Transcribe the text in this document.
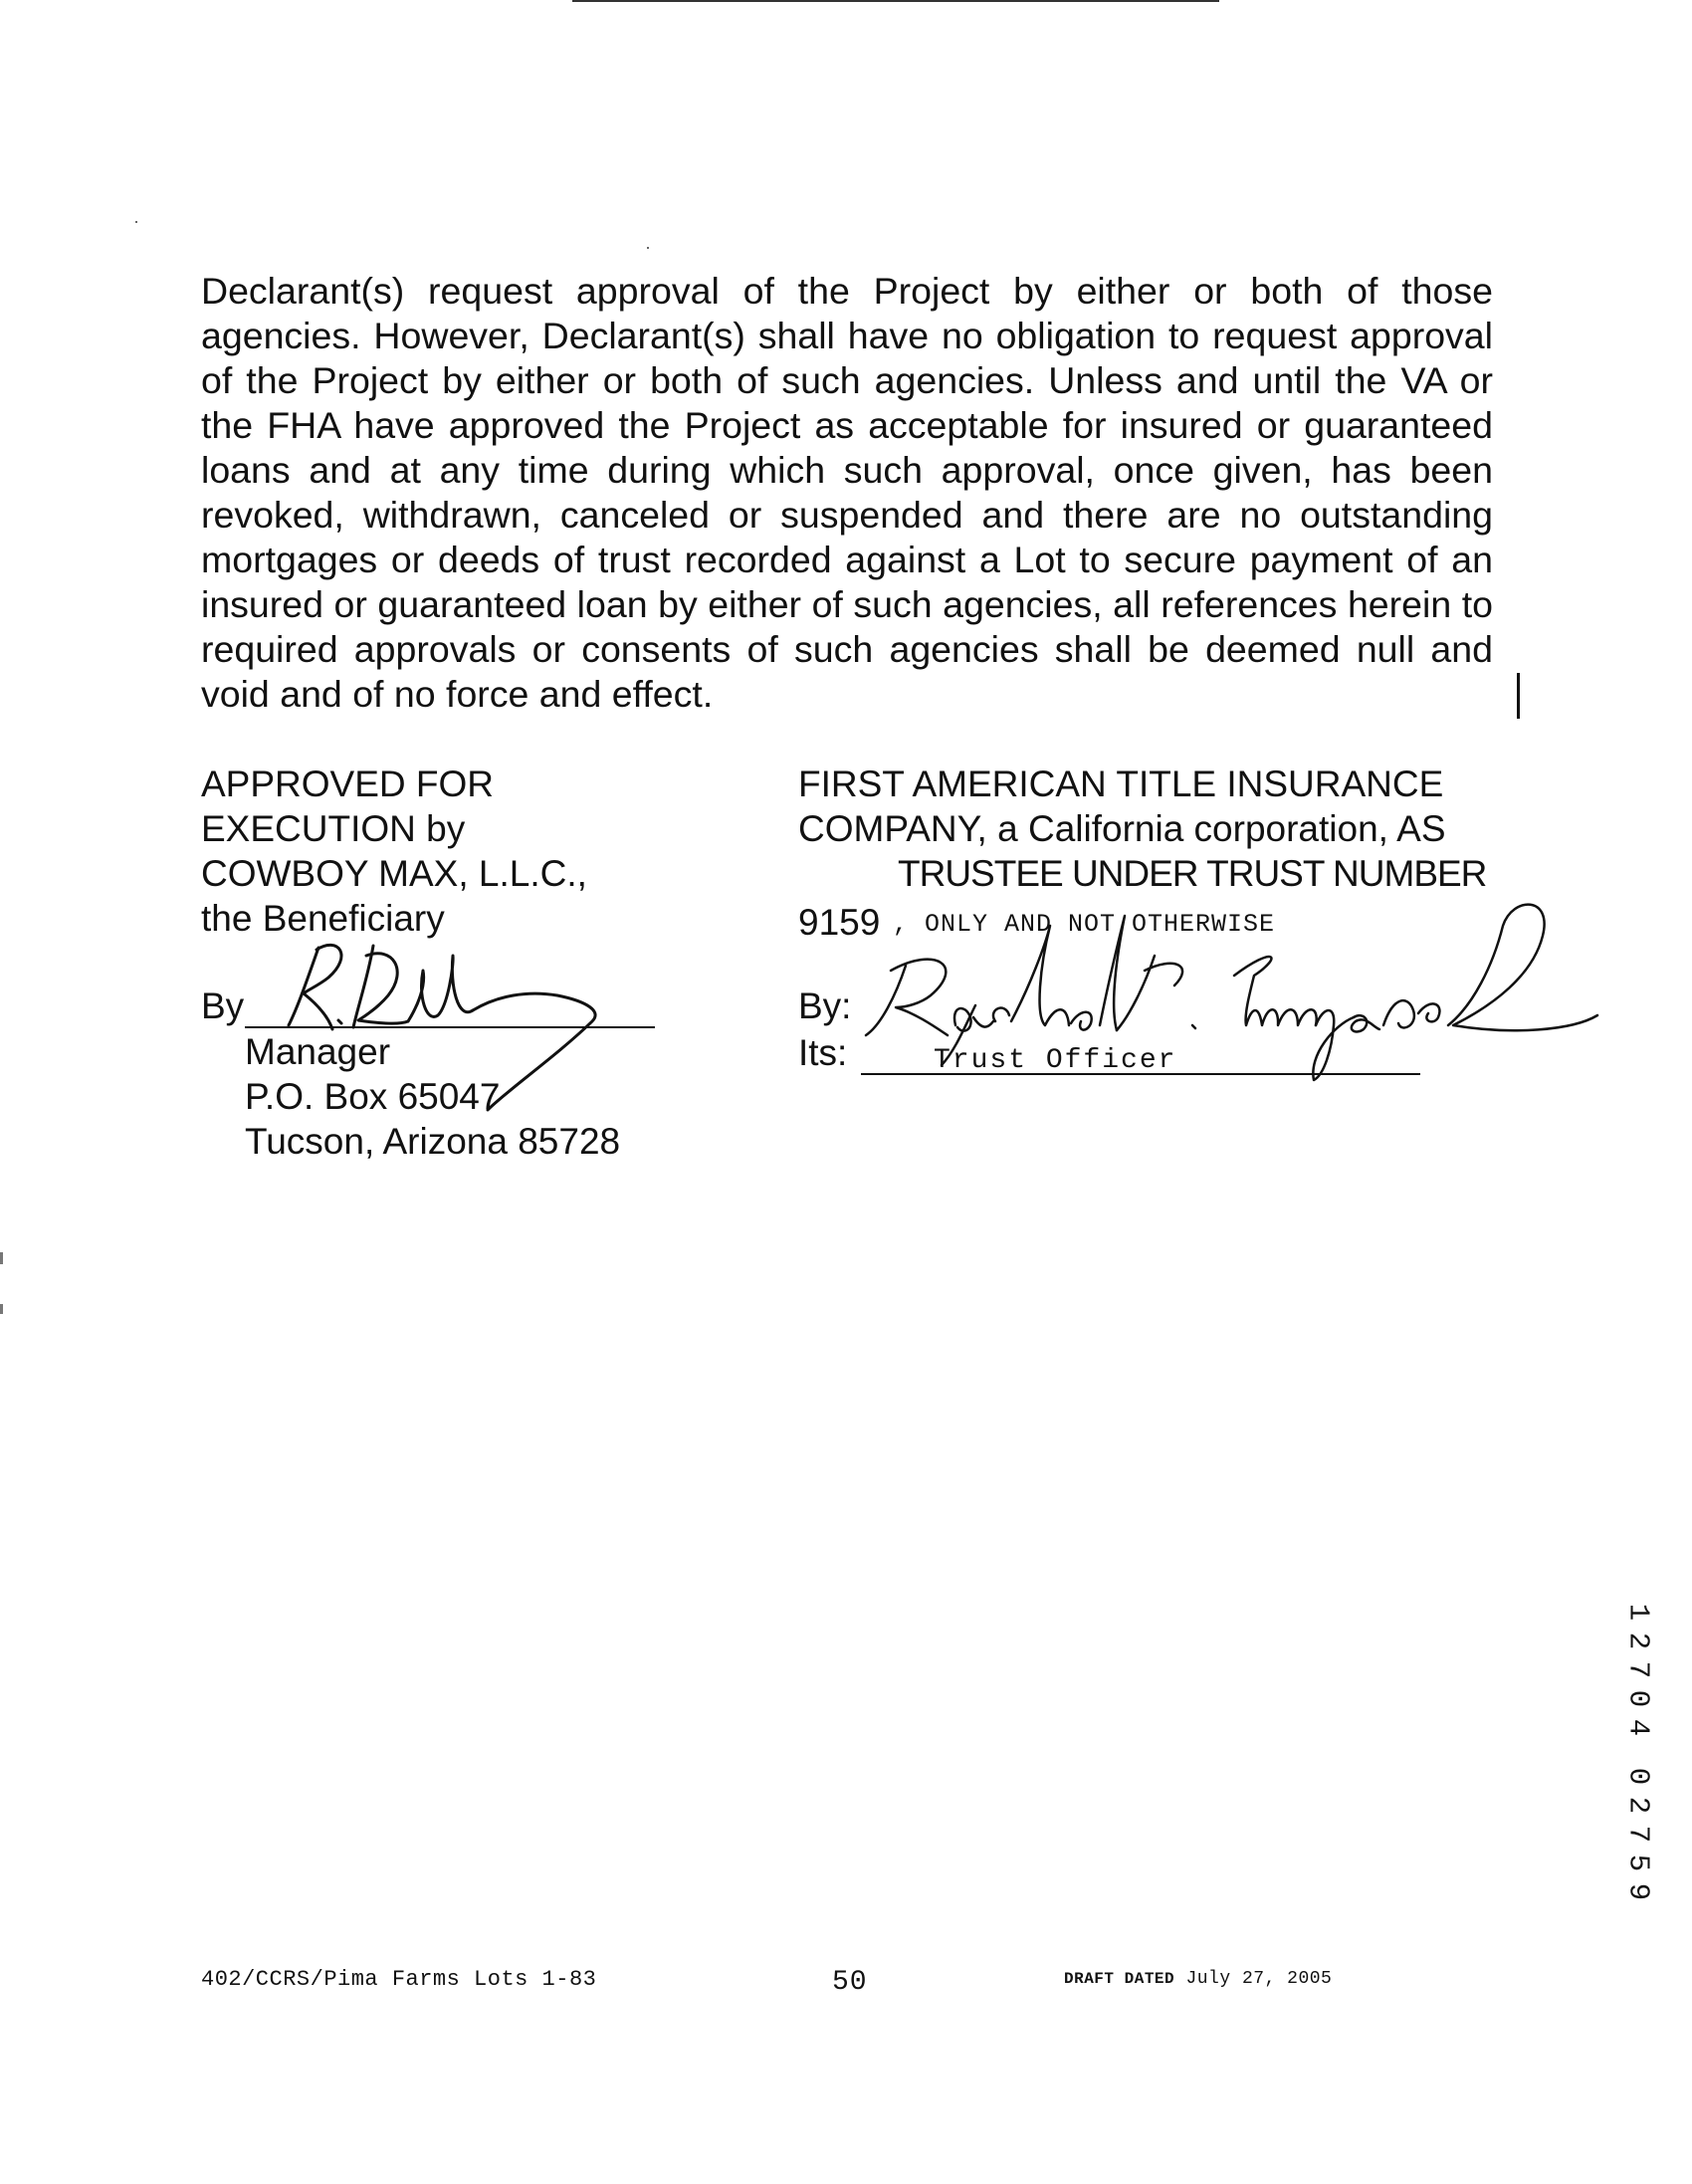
Declarant(s) request approval of the Project by either or both of those
agencies. However, Declarant(s) shall have no obligation to request approval
of the Project by either or both of such agencies. Unless and until the VA or
the FHA have approved the Project as acceptable for insured or guaranteed
loans and at any time during which such approval, once given, has been
revoked, withdrawn, canceled or suspended and there are no outstanding
mortgages or deeds of trust recorded against a Lot to secure payment of an
insured or guaranteed loan by either of such agencies, all references herein to
required approvals or consents of such agencies shall be deemed null and
void and of no force and effect.
APPROVED FOR
EXECUTION by
COWBOY MAX, L.L.C.,
the Beneficiary
By
Manager
P.O. Box 65047
Tucson, Arizona 85728
FIRST AMERICAN TITLE INSURANCE
COMPANY, a California corporation, AS
TRUSTEE UNDER TRUST NUMBER
9159 , ONLY AND NOT OTHERWISE
By:
Its:	Trust Officer
1
2
7
0
4
0
2
7
5
9
402/CCRS/Pima Farms Lots 1-83	50	DRAFT DATED July 27, 2005
